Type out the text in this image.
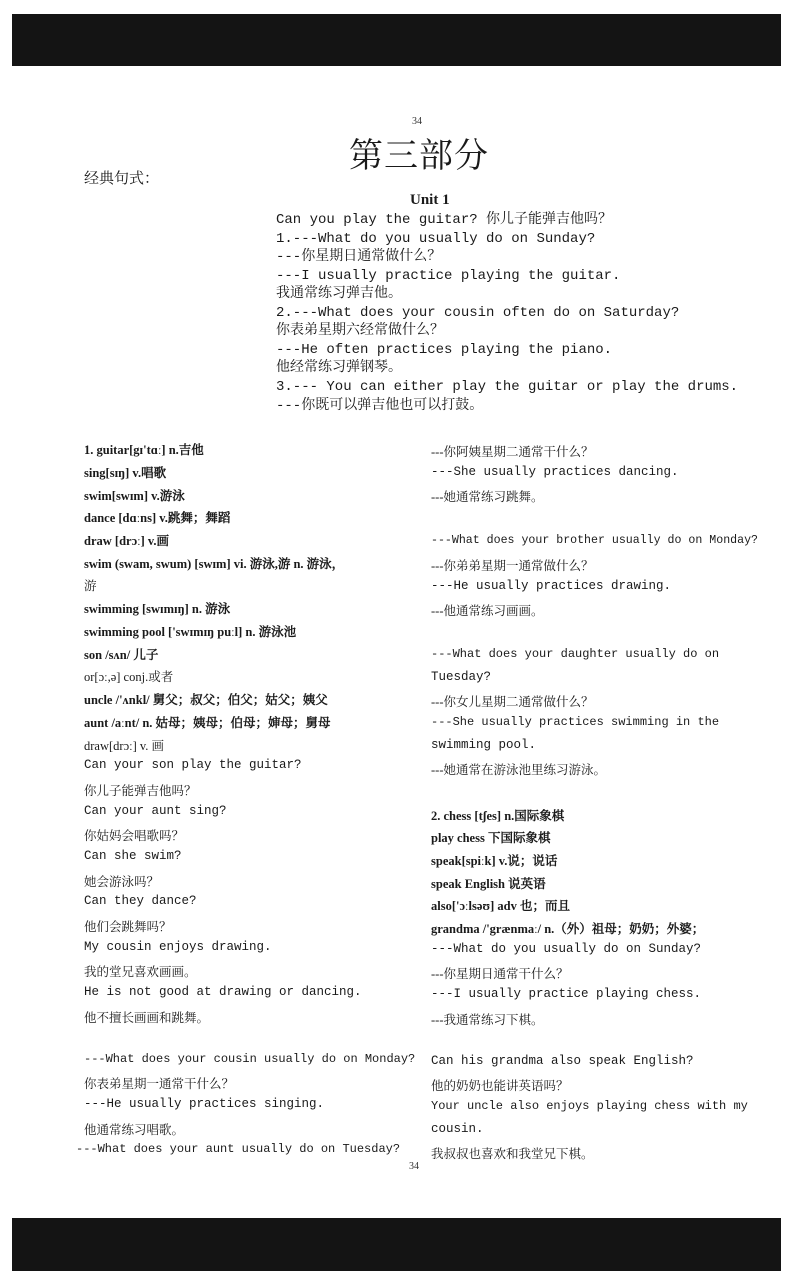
34
第三部分
经典句式：
Unit 1
Can you play the guitar? 你儿子能弹吉他吗？
1.---What do you usually do on Sunday?
---你星期日通常做什么？
---I usually practice playing the guitar.
我通常练习弹吉他。
2.---What does your cousin often do on Saturday?
你表弟星期六经常做什么？
---He often practices playing the piano.
他经常练习弹钢琴。
3.--- You can either play the guitar or play the drums.
---你既可以弹吉他也可以打鼓。
1. guitar[gɪ'tɑː] n.吉他
sing[sɪŋ] v.唱歌
swim[swɪm] v.游泳
dance [dɑːns] v.跳舞；舞蹈
draw [drɔː] v.画
swim (swam, swum) [swɪm] vi. 游泳,游 n. 游泳，
游
swimming [swɪmɪŋ] n. 游泳
swimming pool ['swɪmɪŋ puːl] n. 游泳池
son /sʌn/ 儿子
or[ɔː,ə] conj.或者
uncle /'ʌnkl/ 舅父；叔父；伯父；姑父；姨父
aunt /aːnt/ n. 姑母；姨母；伯母；婶母；舅母
draw[drɔː] v. 画
Can your son play the guitar?
你儿子能弹吉他吗？
Can your aunt sing?
你姑妈会唱歌吗？
Can she swim?
她会游泳吗？
Can they dance?
他们会跳舞吗？
My cousin enjoys drawing.
我的堂兄喜欢画画。
He is not good at drawing or dancing.
他不擅长画画和跳舞。
---What does your cousin usually do on Monday?
你表弟星期一通常干什么？
---He usually practices singing.
他通常练习唱歌。
---What does your aunt usually do on Tuesday?
---你阿姨星期二通常干什么？
---She usually practices dancing.
---她通常练习跳舞。
---What does your brother usually do on Monday?
---你弟弟星期一通常做什么？
---He usually practices drawing.
---他通常练习画画。
---What does your daughter usually do on
Tuesday?
---你女儿星期二通常做什么？
---She usually practices swimming in the
swimming pool.
---她通常在游泳池里练习游泳。
2. chess [tʃes] n.国际象棋
play chess 下国际象棋
speak[spiːk] v.说；说话
speak English 说英语
also['ɔːlsəʊ] adv 也；而且
grandma /'grænmaː/ n.（外）祖母；奶奶；外婆；
---What do you usually do on Sunday?
---你星期日通常干什么？
---I usually practice playing chess.
---我通常练习下棋。
Can his grandma also speak English?
他的奶奶也能讲英语吗？
Your uncle also enjoys playing chess with my
cousin.
我叔叔也喜欢和我堂兄下棋。
34
